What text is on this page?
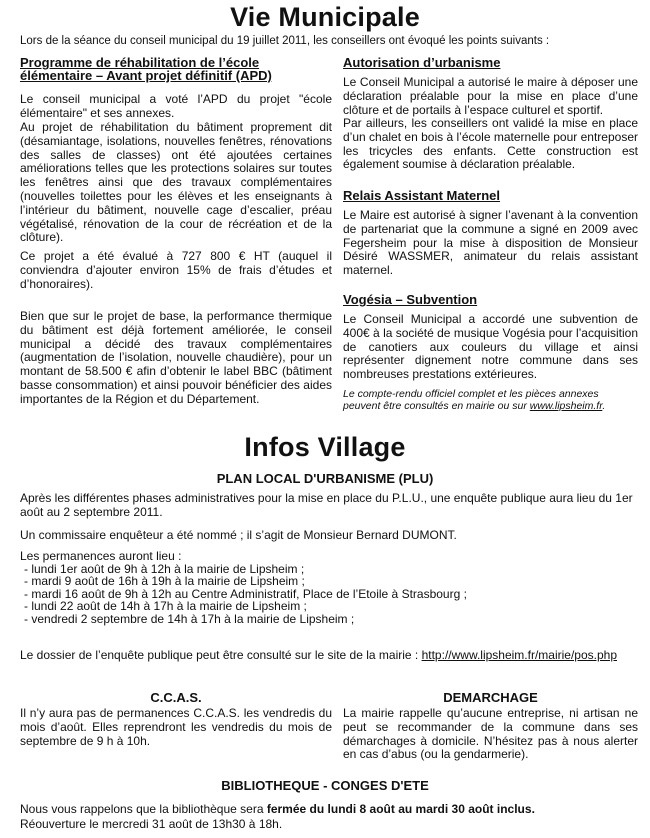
Vie Municipale
Lors de la séance du conseil municipal du 19 juillet 2011, les conseillers ont évoqué les points suivants :
Programme de réhabilitation de l’école élémentaire – Avant projet définitif (APD)
Le conseil municipal a voté l’APD du projet "école élémentaire" et ses annexes.
Au projet de réhabilitation du bâtiment proprement dit (désamiantage, isolations, nouvelles fenêtres, rénovations des salles de classes) ont été ajoutées certaines améliorations telles que les protections solaires sur toutes les fenêtres ainsi que des travaux complémentaires (nouvelles toilettes pour les élèves et les enseignants à l’intérieur du bâtiment, nouvelle cage d’escalier, préau végétalisé, rénovation de la cour de récréation et de la clôture).
Ce projet a été évalué à 727 800 € HT (auquel il conviendra d’ajouter environ 15% de frais d’études et d’honoraires).
Bien que sur le projet de base, la performance thermique du bâtiment est déjà fortement améliorée, le conseil municipal a décidé des travaux complémentaires (augmentation de l’isolation, nouvelle chaudière), pour un montant de 58.500 € afin d’obtenir le label BBC (bâtiment basse consommation) et ainsi pouvoir bénéficier des aides importantes de la Région et du Département.
Autorisation d’urbanisme
Le Conseil Municipal a autorisé le maire à déposer une déclaration préalable pour la mise en place d’une clôture et de portails à l’espace culturel et sportif.
Par ailleurs, les conseillers ont validé la mise en place d’un chalet en bois à l’école maternelle pour entreposer les tricycles des enfants. Cette construction est également soumise à déclaration préalable.
Relais Assistant Maternel
Le Maire est autorisé à signer l’avenant à la convention de partenariat que la commune a signé en 2009 avec Fegersheim pour la mise à disposition de Monsieur Désiré WASSMER, animateur du relais assistant maternel.
Vogésia – Subvention
Le Conseil Municipal a accordé une subvention de 400€ à la société de musique Vogésia pour l’acquisition de canotiers aux couleurs du village et ainsi représenter dignement notre commune dans ses nombreuses prestations extérieures.
Le compte-rendu officiel complet et les pièces annexes peuvent être consultés en mairie ou sur www.lipsheim.fr.
Infos Village
PLAN LOCAL D'URBANISME (PLU)
Après les différentes phases administratives pour la mise en place du P.L.U., une enquête publique aura lieu du 1er août au 2 septembre 2011.
Un commissaire enquêteur a été nommé ; il s’agit de Monsieur Bernard DUMONT.
Les permanences auront lieu :
- lundi 1er août de 9h à 12h à la mairie de Lipsheim ;
- mardi 9 août de 16h à 19h à la mairie de Lipsheim ;
- mardi 16 août de 9h à 12h au Centre Administratif, Place de l’Etoile à Strasbourg ;
- lundi 22 août de 14h à 17h à la mairie de Lipsheim ;
- vendredi 2 septembre de 14h à 17h à la mairie de Lipsheim ;
Le dossier de l’enquête publique peut être consulté sur le site de la mairie : http://www.lipsheim.fr/mairie/pos.php
C.C.A.S.
Il n’y aura pas de permanences C.C.A.S. les vendredis du mois d’août. Elles reprendront les vendredis du mois de septembre de 9 h à 10h.
DEMARCHAGE
La mairie rappelle qu’aucune entreprise, ni artisan ne peut se recommander de la commune dans ses démarchages à domicile. N’hésitez pas à nous alerter en cas d’abus (ou la gendarmerie).
BIBLIOTHEQUE - CONGES D'ETE
Nous vous rappelons que la bibliothèque sera fermée du lundi 8 août au mardi 30 août inclus.
Réouverture le mercredi 31 août de 13h30 à 18h.
